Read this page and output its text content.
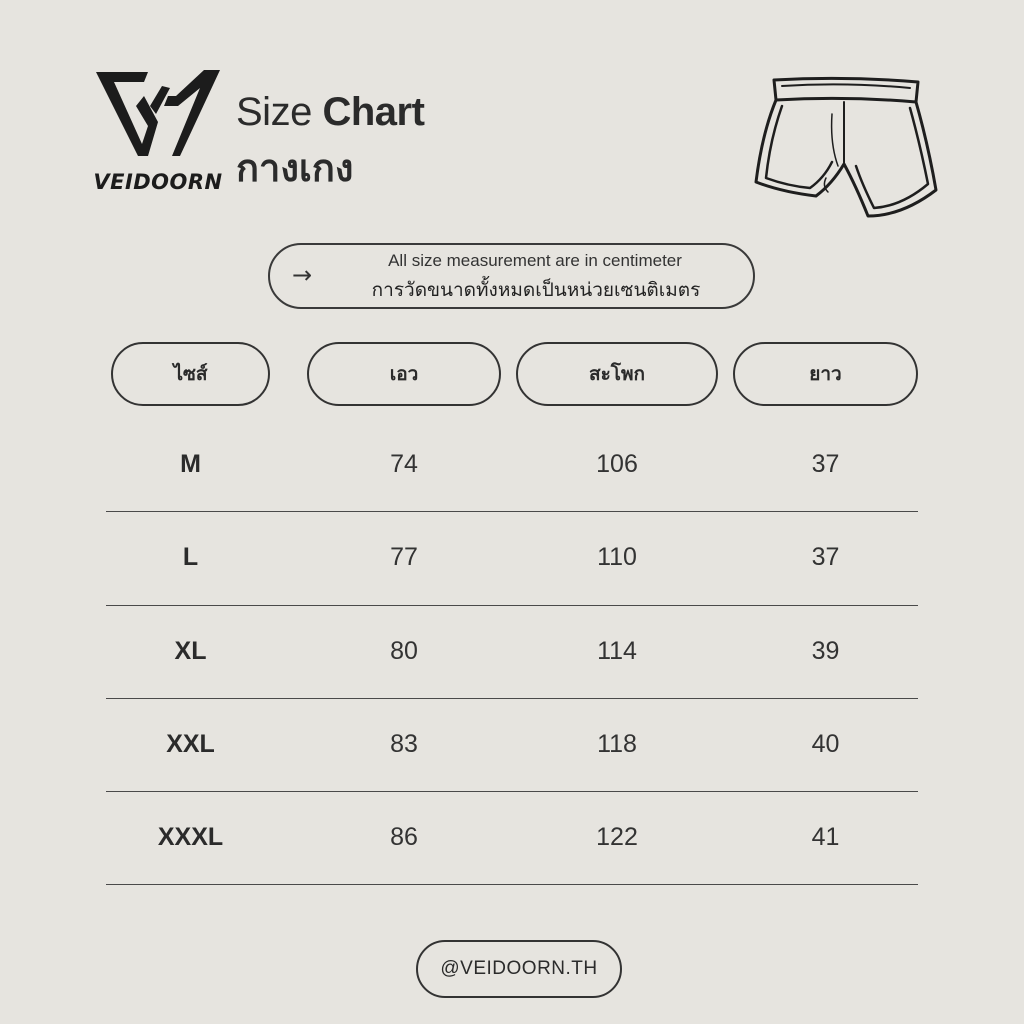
VEIDOORN
Size Chart
กางเกง
→
All size measurement are in centimeter
การวัดขนาดทั้งหมดเป็นหน่วยเซนติเมตร
ไซส์	เอว	สะโพก	ยาว
M	74	106	37
L	77	110	37
XL	80	114	39
XXL	83	118	40
XXXL	86	122	41
@VEIDOORN.TH
